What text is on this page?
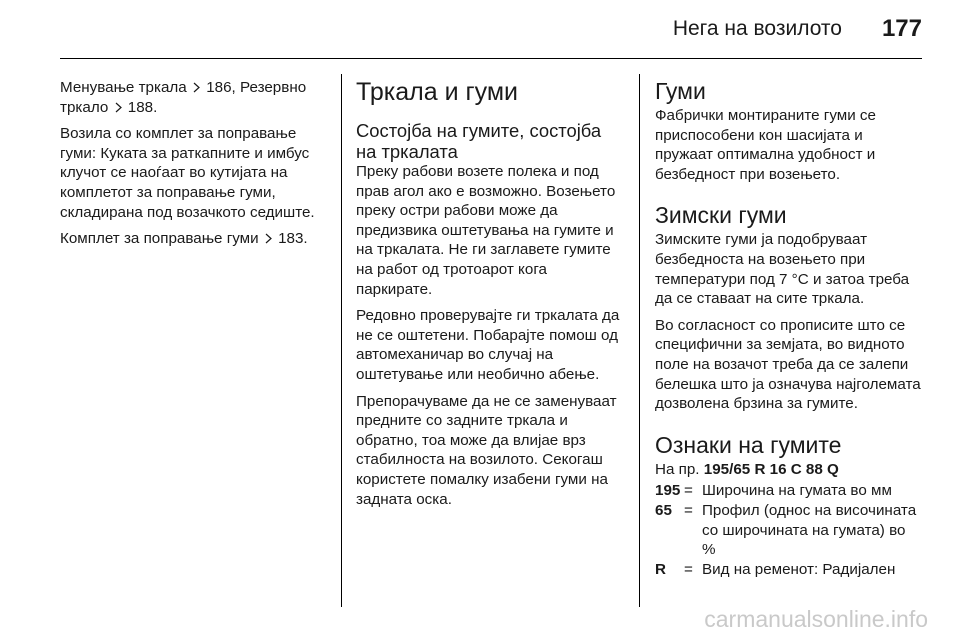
Нега на возилото 177

Менување тркала 186, Резервно тркало 188.

Возила со комплет за поправање гуми: Куката за раткапните и имбус клучот се наоѓаат во кутијата на комплетот за поправање гуми, складирана под возачкото седиште.

Комплет за поправање гуми 183.

Тркала и гуми
Состојба на гумите, состојба на тркалата

Преку рабови возете полека и под прав агол ако е возможно. Возењето преку остри рабови може да предизвика оштетувања на гумите и на тркалата. Не ги заглавете гумите на работ од тротоарот кога паркирате.

Редовно проверувајте ги тркалата да не се оштетени. Побарајте помош од автомеханичар во случај на оштетување или необично абење.

Препорачуваме да не се заменуваат предните со задните тркала и обратно, тоа може да влијае врз стабилноста на возилото. Секогаш користете помалку изабени гуми на задната оска.

Гуми

Фабрички монтираните гуми се приспособени кон шасијата и пружаат оптимална удобност и безбедност при возењето.

Зимски гуми

Зимските гуми ја подобруваат безбедноста на возењето при температури под 7 °C и затоа треба да се ставаат на сите тркала.

Во согласност со прописите што се специфични за земјата, во видното поле на возачот треба да се залепи белешка што ја означува најголемата дозволена брзина за гумите.

Ознаки на гумите

На пр. 195/65 R 16 C 88 Q

195 = Широчина на гумата во мм
65 = Профил (однос на височината со широчината на гумата) во %
R	= Вид на ременот: Радијален
carmanualsonline.info
